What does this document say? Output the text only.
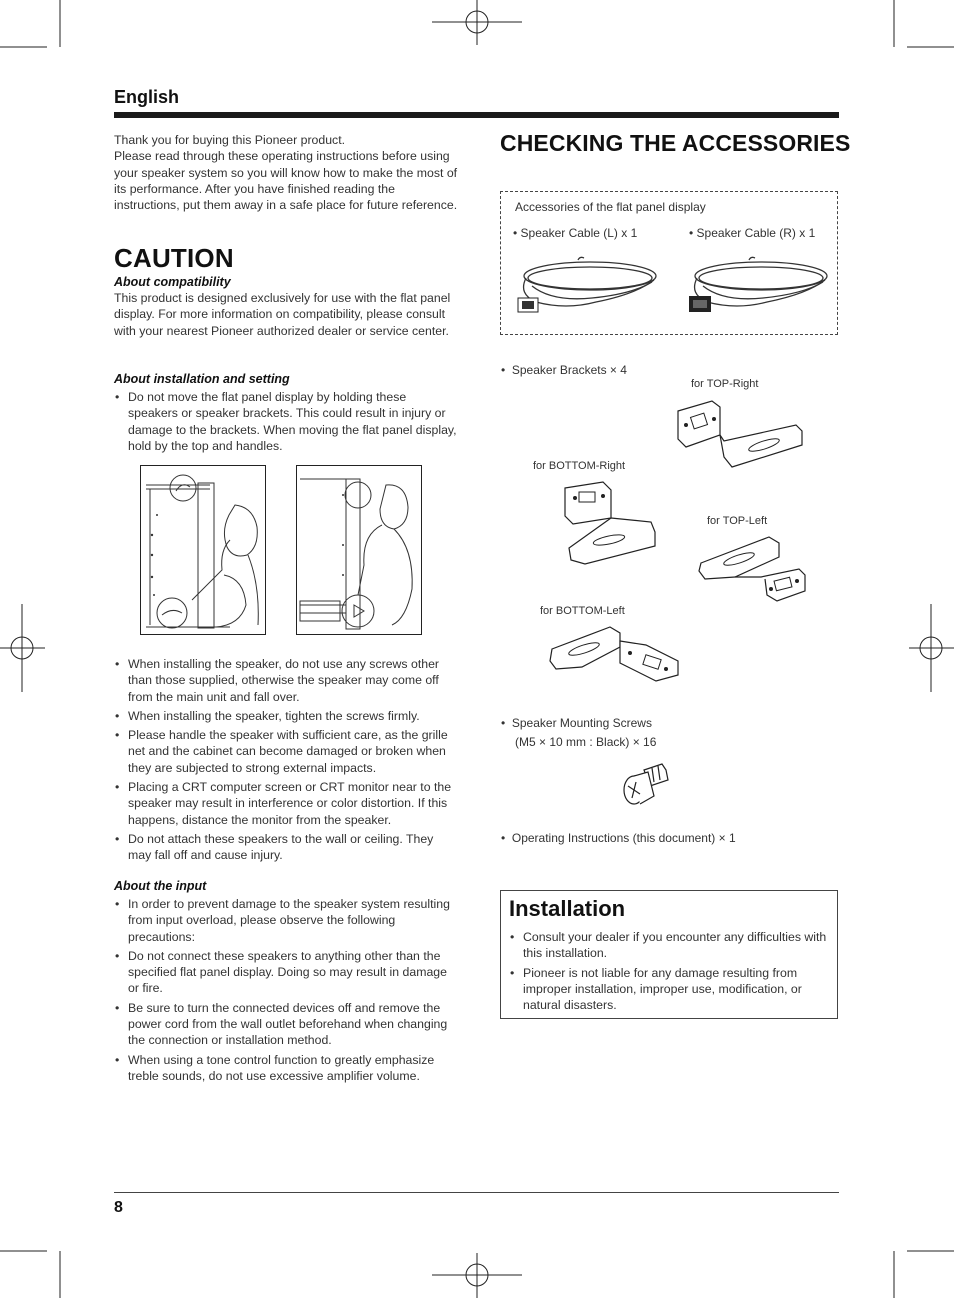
English
Thank you for buying this Pioneer product.
Please read through these operating instructions before using your speaker system so you will know how to make the most of its performance. After you have finished reading the instructions, put them away in a safe place for future reference.
CAUTION
About compatibility
This product is designed exclusively for use with the flat panel display. For more information on compatibility, please consult with your nearest Pioneer authorized dealer or service center.
About installation and setting
• Do not move the flat panel display by holding these speakers or speaker brackets. This could result in injury or damage to the brackets. When moving the flat panel display, hold by the top and handles.
• When installing the speaker, do not use any screws other than those supplied, otherwise the speaker may come off from the main unit and fall over.
• When installing the speaker, tighten the screws firmly.
• Please handle the speaker with sufficient care, as the grille net and the cabinet can become damaged or broken when they are subjected to strong external impacts.
• Placing a CRT computer screen or CRT monitor near to the speaker may result in interference or color distortion. If this happens, distance the monitor from the speaker.
• Do not attach these speakers to the wall or ceiling. They may fall off and cause injury.
About the input
• In order to prevent damage to the speaker system resulting from input overload, please observe the following precautions:
• Do not connect these speakers to anything other than the specified flat panel display. Doing so may result in damage or fire.
• Be sure to turn the connected devices off and remove the power cord from the wall outlet beforehand when changing the connection or installation method.
• When using a tone control function to greatly emphasize treble sounds, do not use excessive amplifier volume.
CHECKING THE ACCESSORIES
Accessories of the flat panel display
• Speaker Cable (L) x 1	• Speaker Cable (R) x 1
•  Speaker Brackets × 4
for TOP-Right
for BOTTOM-Right
for TOP-Left
for BOTTOM-Left
•  Speaker Mounting Screws
(M5 × 10 mm : Black) × 16
•  Operating Instructions (this document) × 1
Installation
• Consult your dealer if you encounter any difficulties with this installation.
• Pioneer is not liable for any damage resulting from improper installation, improper use, modification, or natural disasters.
8
